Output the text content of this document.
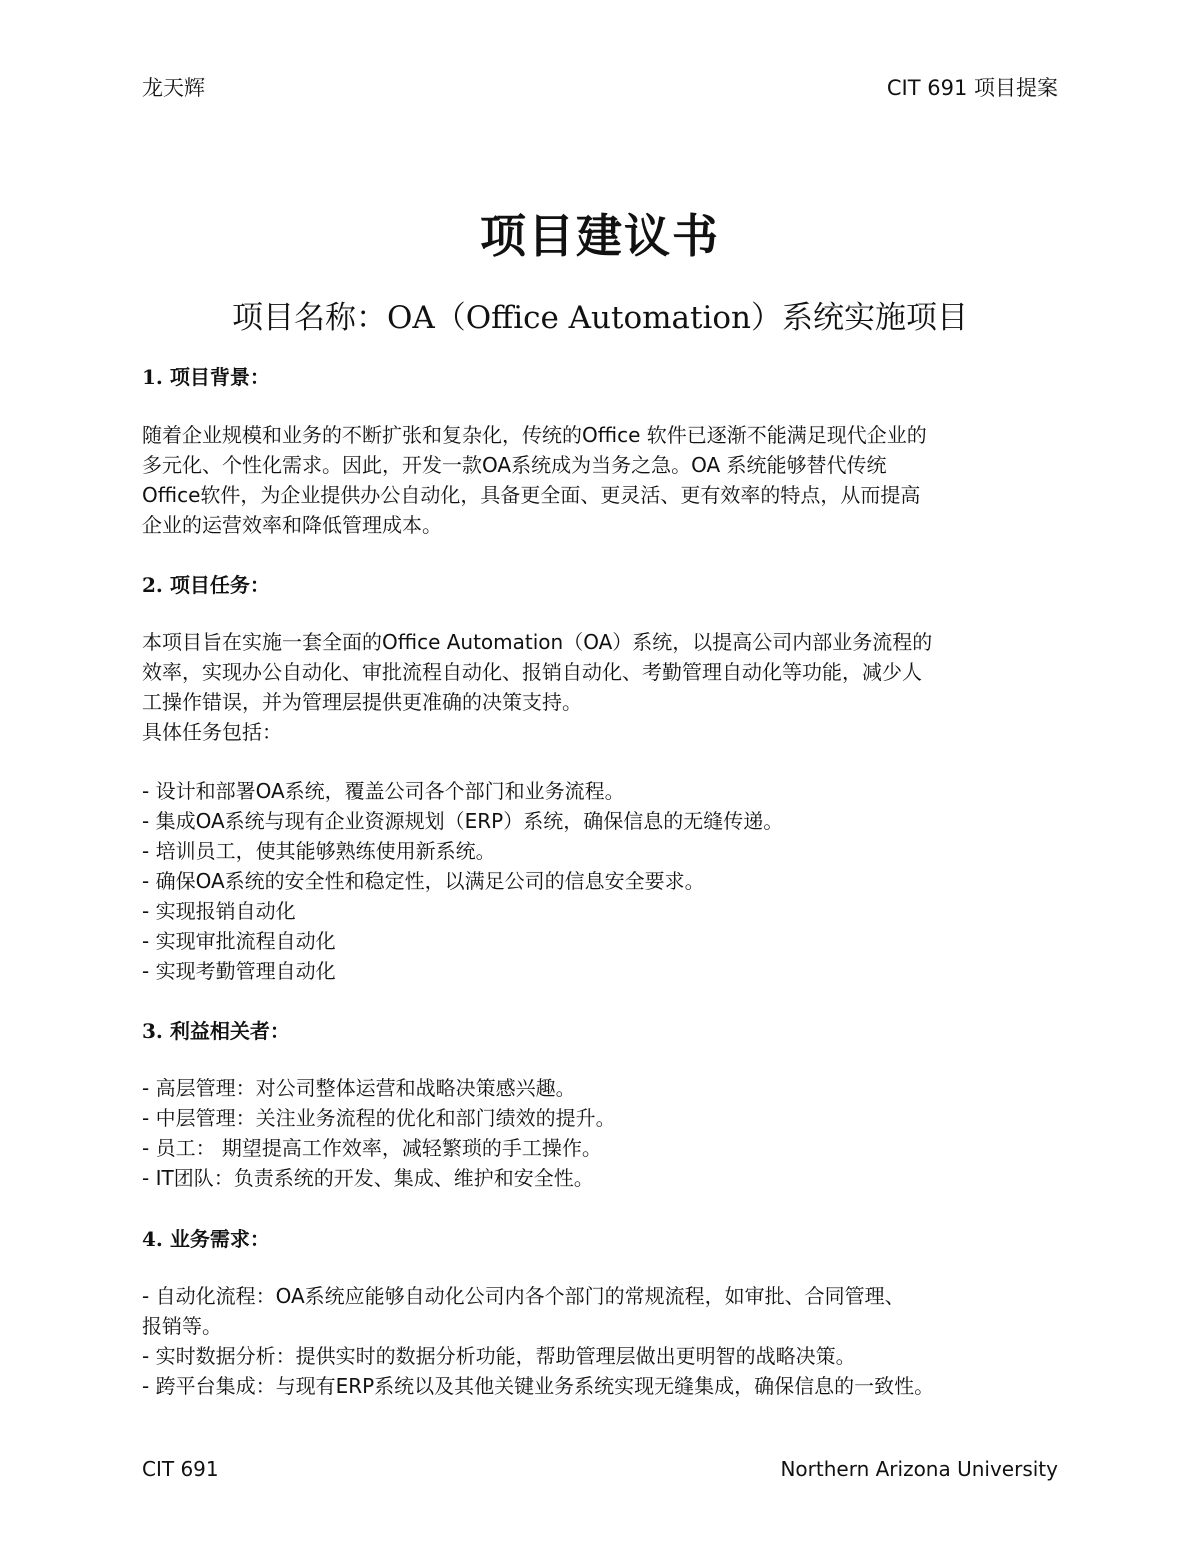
龙天辉	CIT 691 项目提案
项目建议书
项目名称：OA（Office Automation）系统实施项目
1. 项目背景：
随着企业规模和业务的不断扩张和复杂化，传统的Office 软件已逐渐不能满足现代企业的
多元化、个性化需求。因此，开发一款OA系统成为当务之急。OA 系统能够替代传统
Office软件，为企业提供办公自动化，具备更全面、更灵活、更有效率的特点，从而提高
企业的运营效率和降低管理成本。
2. 项目任务：
本项目旨在实施一套全面的Office Automation（OA）系统，以提高公司内部业务流程的
效率，实现办公自动化、审批流程自动化、报销自动化、考勤管理自动化等功能，减少人
工操作错误，并为管理层提供更准确的决策支持。
具体任务包括：
- 设计和部署OA系统，覆盖公司各个部门和业务流程。
- 集成OA系统与现有企业资源规划（ERP）系统，确保信息的无缝传递。
- 培训员工，使其能够熟练使用新系统。
- 确保OA系统的安全性和稳定性，以满足公司的信息安全要求。
- 实现报销自动化
- 实现审批流程自动化
- 实现考勤管理自动化
3. 利益相关者：
- 高层管理：对公司整体运营和战略决策感兴趣。
- 中层管理：关注业务流程的优化和部门绩效的提升。
- 员工： 期望提高工作效率，减轻繁琐的手工操作。
- IT团队：负责系统的开发、集成、维护和安全性。
4. 业务需求：
- 自动化流程：OA系统应能够自动化公司内各个部门的常规流程，如审批、合同管理、
报销等。
- 实时数据分析：提供实时的数据分析功能，帮助管理层做出更明智的战略决策。
- 跨平台集成：与现有ERP系统以及其他关键业务系统实现无缝集成，确保信息的一致性。
CIT 691	Northern Arizona University
